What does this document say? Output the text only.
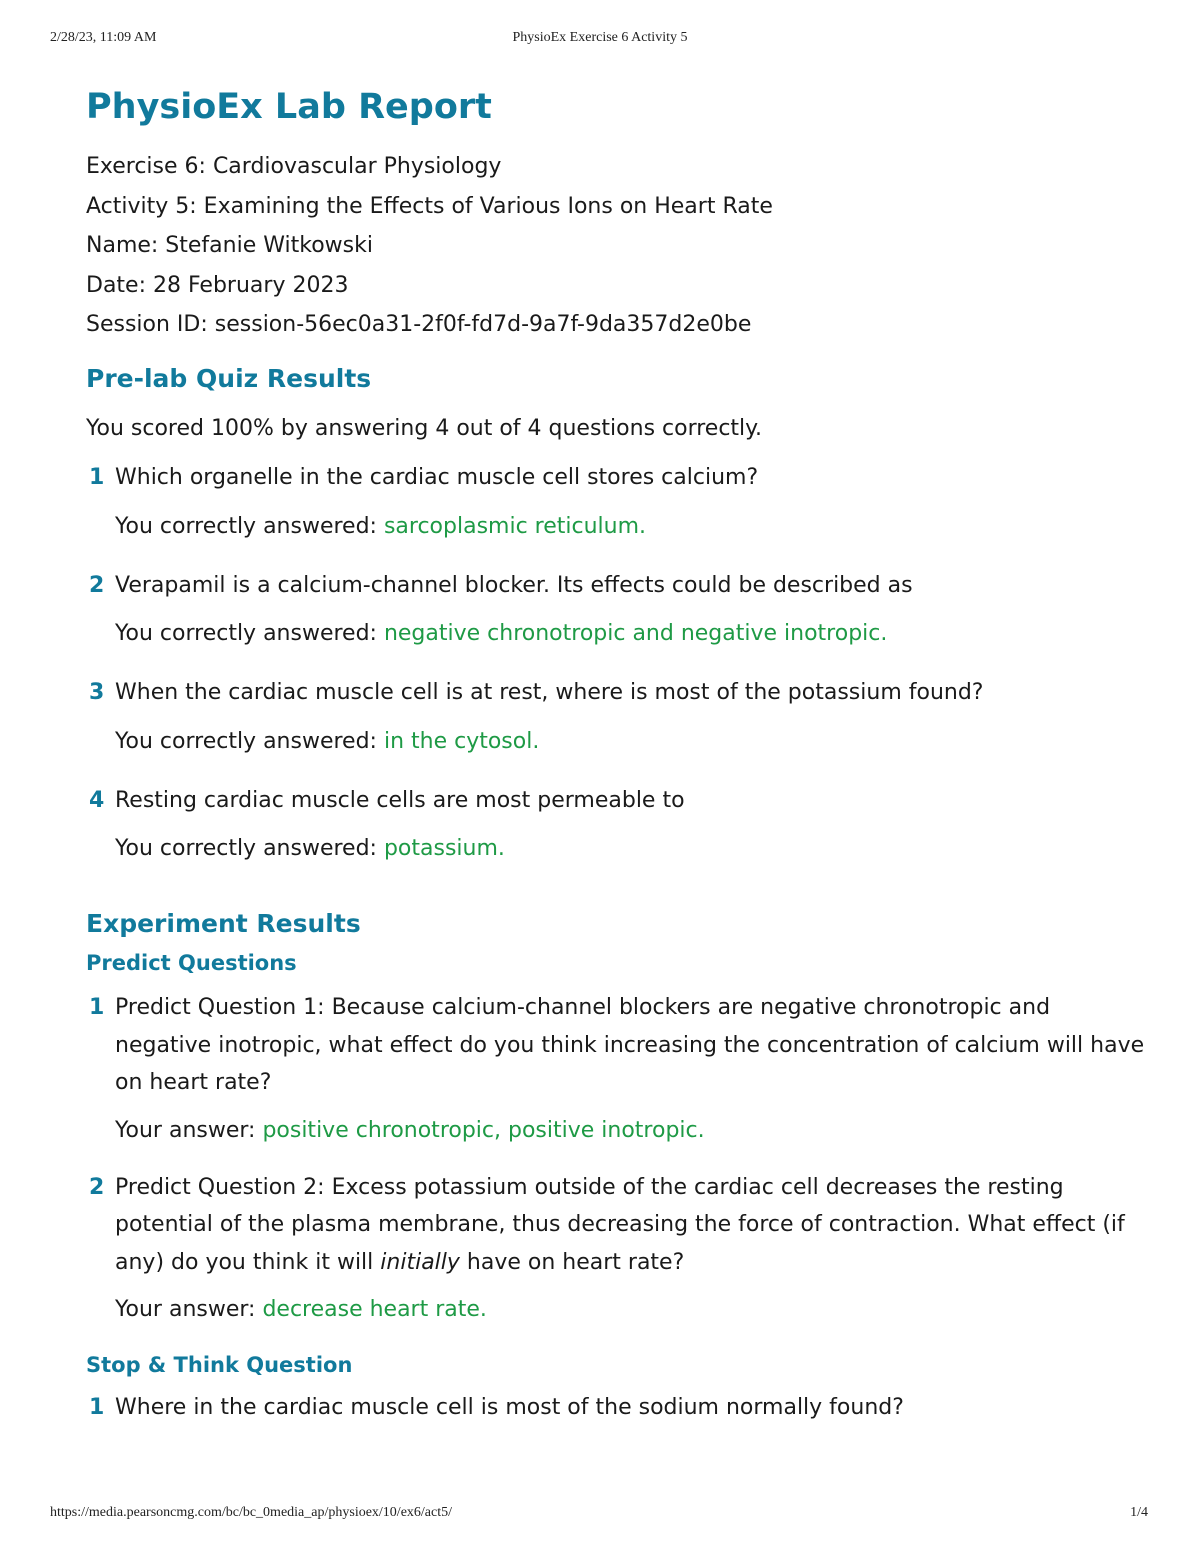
2/28/23, 11:09 AM	PhysioEx Exercise 6 Activity 5
PhysioEx Lab Report
Exercise 6: Cardiovascular Physiology
Activity 5: Examining the Effects of Various Ions on Heart Rate
Name: Stefanie Witkowski
Date: 28 February 2023
Session ID: session-56ec0a31-2f0f-fd7d-9a7f-9da357d2e0be
Pre-lab Quiz Results
You scored 100% by answering 4 out of 4 questions correctly.
1 Which organelle in the cardiac muscle cell stores calcium?
You correctly answered: sarcoplasmic reticulum.
2 Verapamil is a calcium-channel blocker. Its effects could be described as
You correctly answered: negative chronotropic and negative inotropic.
3 When the cardiac muscle cell is at rest, where is most of the potassium found?
You correctly answered: in the cytosol.
4 Resting cardiac muscle cells are most permeable to
You correctly answered: potassium.
Experiment Results
Predict Questions
1 Predict Question 1: Because calcium-channel blockers are negative chronotropic and negative inotropic, what effect do you think increasing the concentration of calcium will have on heart rate?
Your answer: positive chronotropic, positive inotropic.
2 Predict Question 2: Excess potassium outside of the cardiac cell decreases the resting potential of the plasma membrane, thus decreasing the force of contraction. What effect (if any) do you think it will initially have on heart rate?
Your answer: decrease heart rate.
Stop & Think Question
1 Where in the cardiac muscle cell is most of the sodium normally found?
https://media.pearsoncmg.com/bc/bc_0media_ap/physioex/10/ex6/act5/	1/4
